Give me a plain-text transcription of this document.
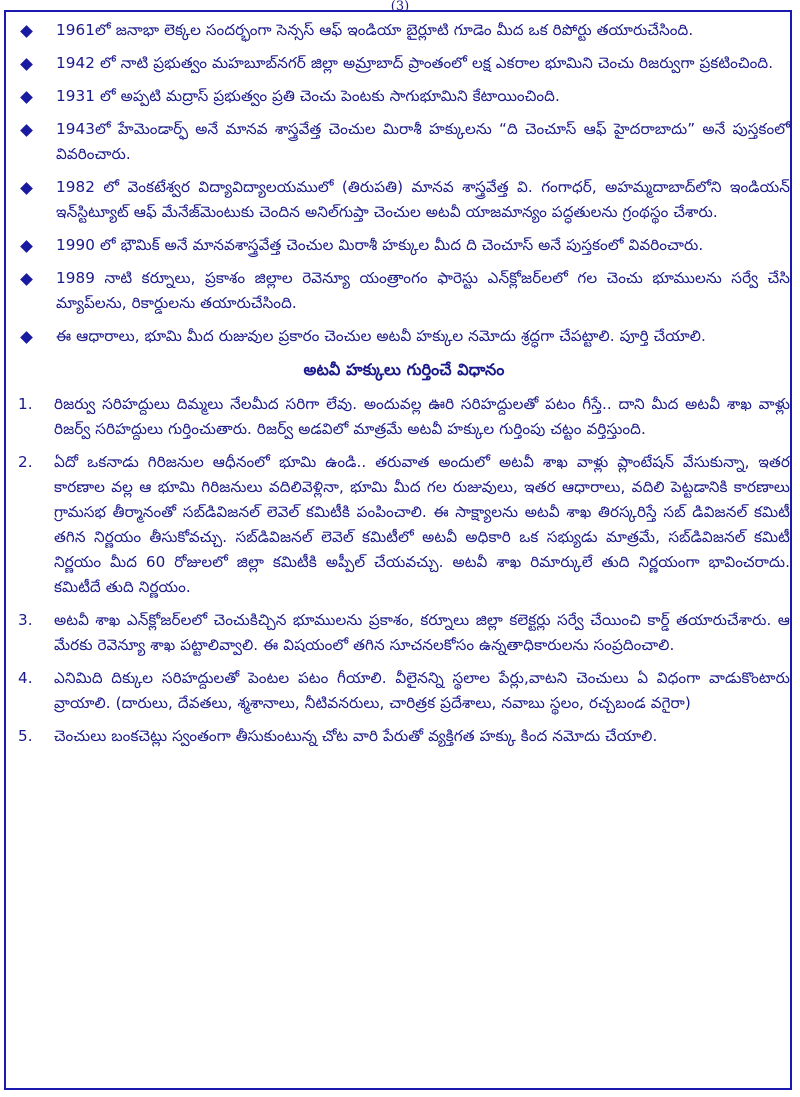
(3)
1961లో జనాభా లెక్కల సందర్భంగా సెన్సస్ ఆఫ్ ఇండియా బైర్లూటి గూడెం మీద ఒక రిపోర్టు తయారుచేసింది.
1942 లో నాటి ప్రభుత్వం మహబూబ్‌నగర్ జిల్లా అమ్రాబాద్ ప్రాంతంలో లక్ష ఎకరాల భూమిని చెంచు రిజర్వుగా ప్రకటించింది.
1931 లో అప్పటి మద్రాస్ ప్రభుత్వం ప్రతి చెంచు పెంటకు సాగుభూమిని కేటాయించింది.
1943లో హేమెండార్ఫ్ అనే మానవ శాస్త్రవేత్త చెంచుల మిరాశీ హక్కులను “ది చెంచూస్ ఆఫ్ హైదరాబాదు” అనే పుస్తకంలో వివరించారు.
1982 లో వెంకటేశ్వర విద్యావిద్యాలయములో (తిరుపతి) మానవ శాస్త్రవేత్త వి. గంగాధర్, అహమ్మదాబాద్‌లోని ఇండియన్ ఇన్‌స్టిట్యూట్ ఆఫ్ మేనేజ్‌మెంటుకు చెందిన అనిల్‌గుప్తా చెంచుల అటవీ యాజమాన్యం పద్ధతులను గ్రంథస్థం చేశారు.
1990 లో భౌమిక్ అనే మానవశాస్త్రవేత్త చెంచుల మిరాశీ హక్కుల మీద ది చెంచూస్ అనే పుస్తకంలో వివరించారు.
1989 నాటి కర్నూలు, ప్రకాశం జిల్లాల రెవెన్యూ యంత్రాంగం ఫారెస్టు ఎన్‌క్లోజర్‌లలో గల చెంచు భూములను సర్వే చేసి మ్యాప్‌లను, రికార్డులను తయారుచేసింది.
ఈ ఆధారాలు, భూమి మీద రుజువుల ప్రకారం చెంచుల అటవీ హక్కుల నమోదు శ్రద్ధగా చేపట్టాలి. పూర్తి చేయాలి.
అటవీ హక్కులు గుర్తించే విధానం
1.	రిజర్వు సరిహద్దులు దిమ్మలు నేలమీద సరిగా లేవు. అందువల్ల ఊరి సరిహద్దులతో పటం గీస్తే.. దాని మీద అటవీ శాఖ వాళ్లు రిజర్వ్ సరిహద్దులు గుర్తించుతారు. రిజర్వ్ అడవిలో మాత్రమే అటవీ హక్కుల గుర్తింపు చట్టం వర్తిస్తుంది.
2.	ఏదో ఒకనాడు గిరిజనుల ఆధీనంలో భూమి ఉండి.. తరువాత అందులో అటవీ శాఖ వాళ్లు ప్లాంటేషన్ వేసుకున్నా, ఇతర కారణాల వల్ల ఆ భూమి గిరిజనులు వదిలివెళ్లినా, భూమి మీద గల రుజువులు, ఇతర ఆధారాలు, వదిలి పెట్టడానికి కారణాలు గ్రామసభ తీర్మానంతో సబ్‌డివిజనల్ లెవెల్ కమిటీకి పంపించాలి. ఈ సాక్ష్యాలను అటవీ శాఖ తిరస్కరిస్తే సబ్ డివిజనల్ కమిటీ తగిన నిర్ణయం తీసుకోవచ్చు. సబ్‌డివిజనల్ లెవెల్ కమిటీలో అటవీ అధికారి ఒక సభ్యుడు మాత్రమే, సబ్‌డివిజనల్ కమిటీ నిర్ణయం మీద 60 రోజులలో జిల్లా కమిటీకి అప్పీల్ చేయవచ్చు. అటవీ శాఖ రిమార్కులే తుది నిర్ణయంగా భావించరాదు. కమిటీదే తుది నిర్ణయం.
3.	అటవీ శాఖ ఎన్‌క్లోజర్‌లలో చెంచుకిచ్చిన భూములను ప్రకాశం, కర్నూలు జిల్లా కలెక్టర్లు సర్వే చేయించి కార్డ్ తయారుచేశారు. ఆ మేరకు రెవెన్యూ శాఖ పట్టాలివ్వాలి. ఈ విషయంలో తగిన సూచనలకోసం ఉన్నతాధికారులను సంప్రదించాలి.
4.	ఎనిమిది దిక్కుల సరిహద్దులతో పెంటల పటం గీయాలి. వీలైనన్ని స్థలాల పేర్లు,వాటని చెంచులు ఏ విధంగా వాడుకొంటారు వ్రాయాలి. (దారులు, దేవతలు, శ్మశానాలు, నీటివనరులు, చారిత్రక ప్రదేశాలు, నవాబు స్థలం, రచ్చబండ వగైరా)
5.	చెంచులు బంకచెట్లు స్వంతంగా తీసుకుంటున్న చోట వారి పేరుతో వ్యక్తిగత హక్కు కింద నమోదు చేయాలి.
